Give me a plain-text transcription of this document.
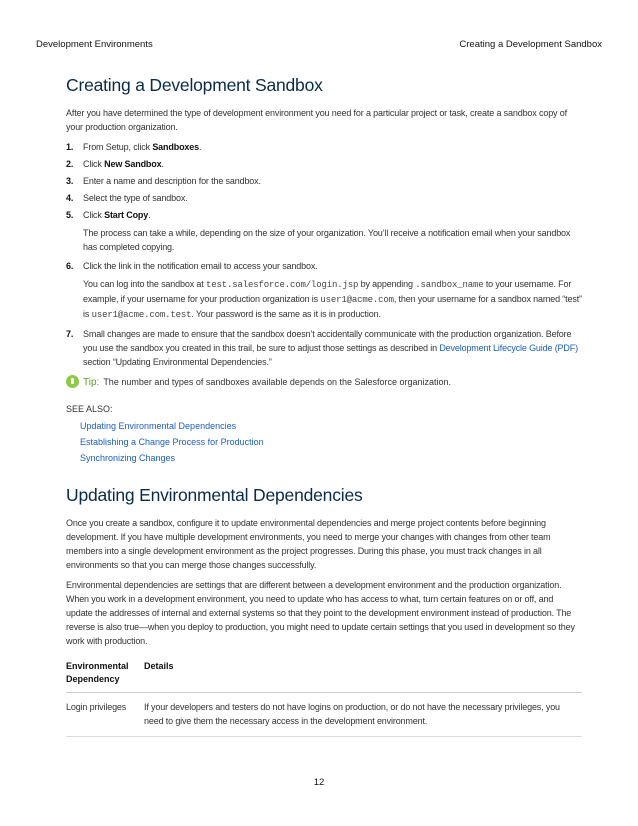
Development Environments	Creating a Development Sandbox
Creating a Development Sandbox

After you have determined the type of development environment you need for a particular project or task, create a sandbox copy of your production organization.

1. From Setup, click Sandboxes.
2. Click New Sandbox.
3. Enter a name and description for the sandbox.
4. Select the type of sandbox.
5. Click Start Copy.

The process can take a while, depending on the size of your organization. You’ll receive a notification email when your sandbox has completed copying.

6. Click the link in the notification email to access your sandbox.

You can log into the sandbox at test.salesforce.com/login.jsp by appending .sandbox_name to your username. For example, if your username for your production organization is user1@acme.com, then your username for a sandbox named “test” is user1@acme.com.test. Your password is the same as it is in production.

7. Small changes are made to ensure that the sandbox doesn’t accidentally communicate with the production organization. Before you use the sandbox you created in this trail, be sure to adjust those settings as described in Development Lifecycle Guide (PDF) section “Updating Environmental Dependencies.”
Tip: The number and types of sandboxes available depends on the Salesforce organization.
SEE ALSO:
Updating Environmental Dependencies
Establishing a Change Process for Production
Synchronizing Changes
Updating Environmental Dependencies

Once you create a sandbox, configure it to update environmental dependencies and merge project contents before beginning development. If you have multiple development environments, you need to merge your changes with changes from other team members into a single development environment as the project progresses. During this phase, you must track changes in all environments so that you can merge those changes successfully.

Environmental dependencies are settings that are different between a development environment and the production organization. When you work in a development environment, you need to update who has access to what, turn certain features on or off, and update the addresses of internal and external systems so that they point to the development environment instead of production. The reverse is also true—when you deploy to production, you might need to update certain settings that you used in development so they work with production.

Environmental Dependency	Details
Login privileges	If your developers and testers do not have logins on production, or do not have the necessary privileges, you need to give them the necessary access in the development environment.
12
